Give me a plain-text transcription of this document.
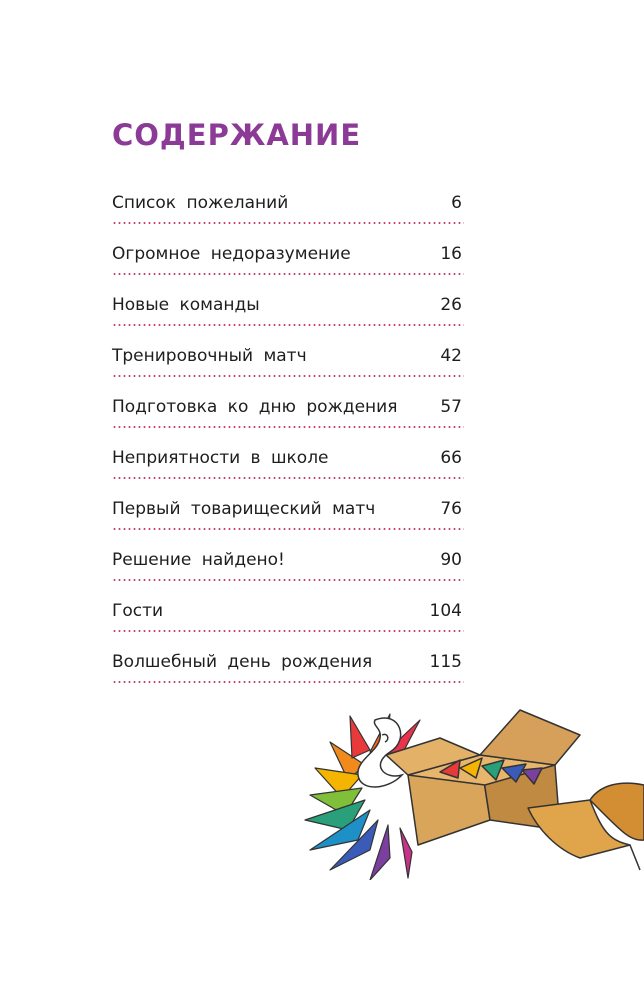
СОДЕРЖАНИЕ
Список пожеланий	6
Огромное недоразумение	16
Новые команды	26
Тренировочный матч	42
Подготовка ко дню рождения	57
Неприятности в школе	66
Первый товарищеский матч	76
Решение найдено!	90
Гости	104
Волшебный день рождения	115
